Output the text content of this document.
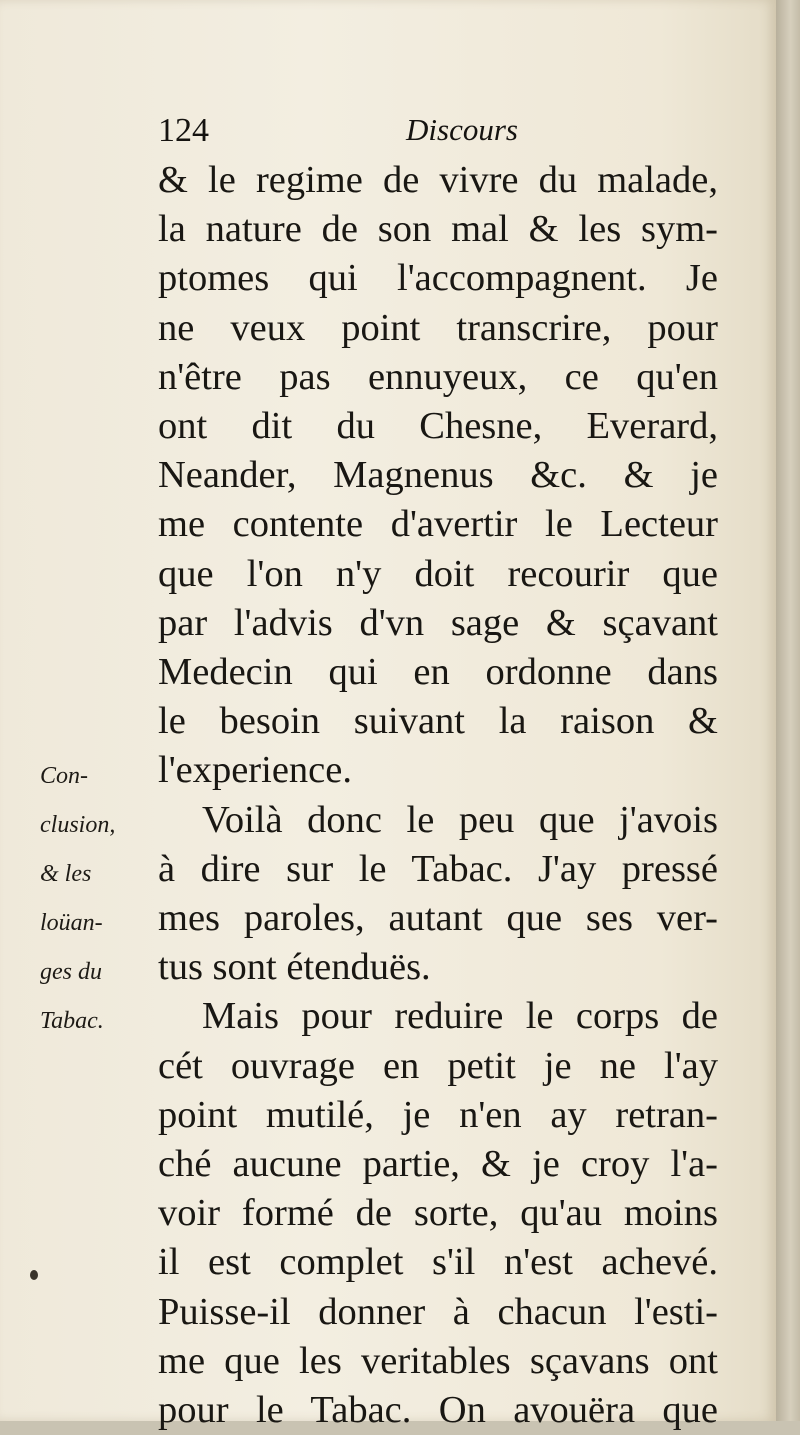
124	Discours
& le regime de vivre du malade,
la nature de son mal & les sym-
ptomes qui l'accompagnent. Je
ne veux point transcrire, pour
n'être pas ennuyeux, ce qu'en
ont dit du Chesne, Everard,
Neander, Magnenus &c. & je
me contente d'avertir le Lecteur
que l'on n'y doit recourir que
par l'advis d'vn sage & sçavant
Medecin qui en ordonne dans
le besoin suivant la raison &
l'experience.
Voilà donc le peu que j'avois
à dire sur le Tabac. J'ay pressé
mes paroles, autant que ses ver-
tus sont étenduës.
Mais pour reduire le corps de
cét ouvrage en petit je ne l'ay
point mutilé, je n'en ay retran-
ché aucune partie, & je croy l'a-
voir formé de sorte, qu'au moins
il est complet s'il n'est achevé.
Puisse-il donner à chacun l'esti-
me que les veritables sçavans ont
pour le Tabac. On avouëra que
Con-
clusion,
& les
loüan-
ges du
Tabac.
